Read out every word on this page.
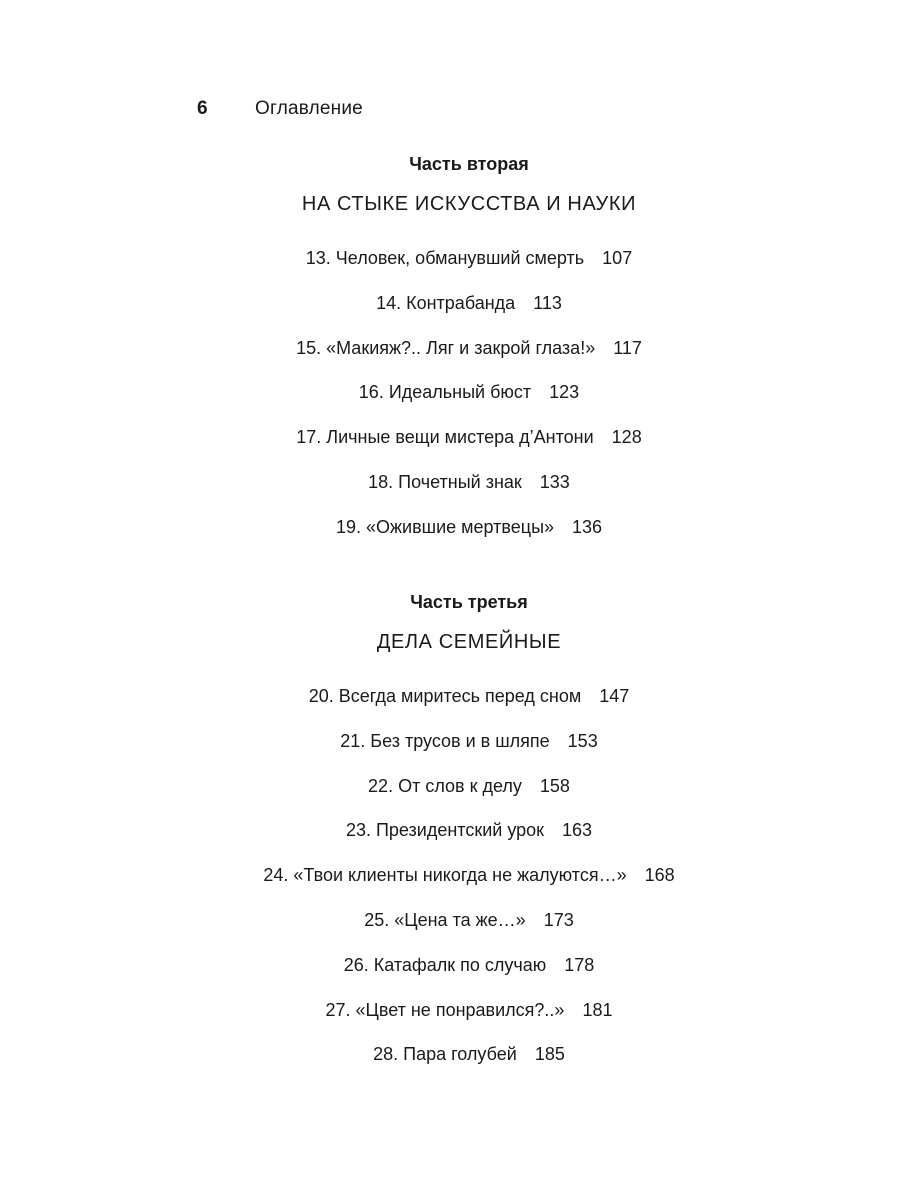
6	Оглавление
Часть вторая
НА СТЫКЕ ИСКУССТВА И НАУКИ
13. Человек, обманувший смерть 107
14. Контрабанда 113
15. «Макияж?.. Ляг и закрой глаза!» 117
16. Идеальный бюст 123
17. Личные вещи мистера д’Антони 128
18. Почетный знак 133
19. «Ожившие мертвецы» 136
Часть третья
ДЕЛА СЕМЕЙНЫЕ
20. Всегда миритесь перед сном 147
21. Без трусов и в шляпе 153
22. От слов к делу 158
23. Президентский урок 163
24. «Твои клиенты никогда не жалуются…» 168
25. «Цена та же…» 173
26. Катафалк по случаю 178
27. «Цвет не понравился?..» 181
28. Пара голубей 185
